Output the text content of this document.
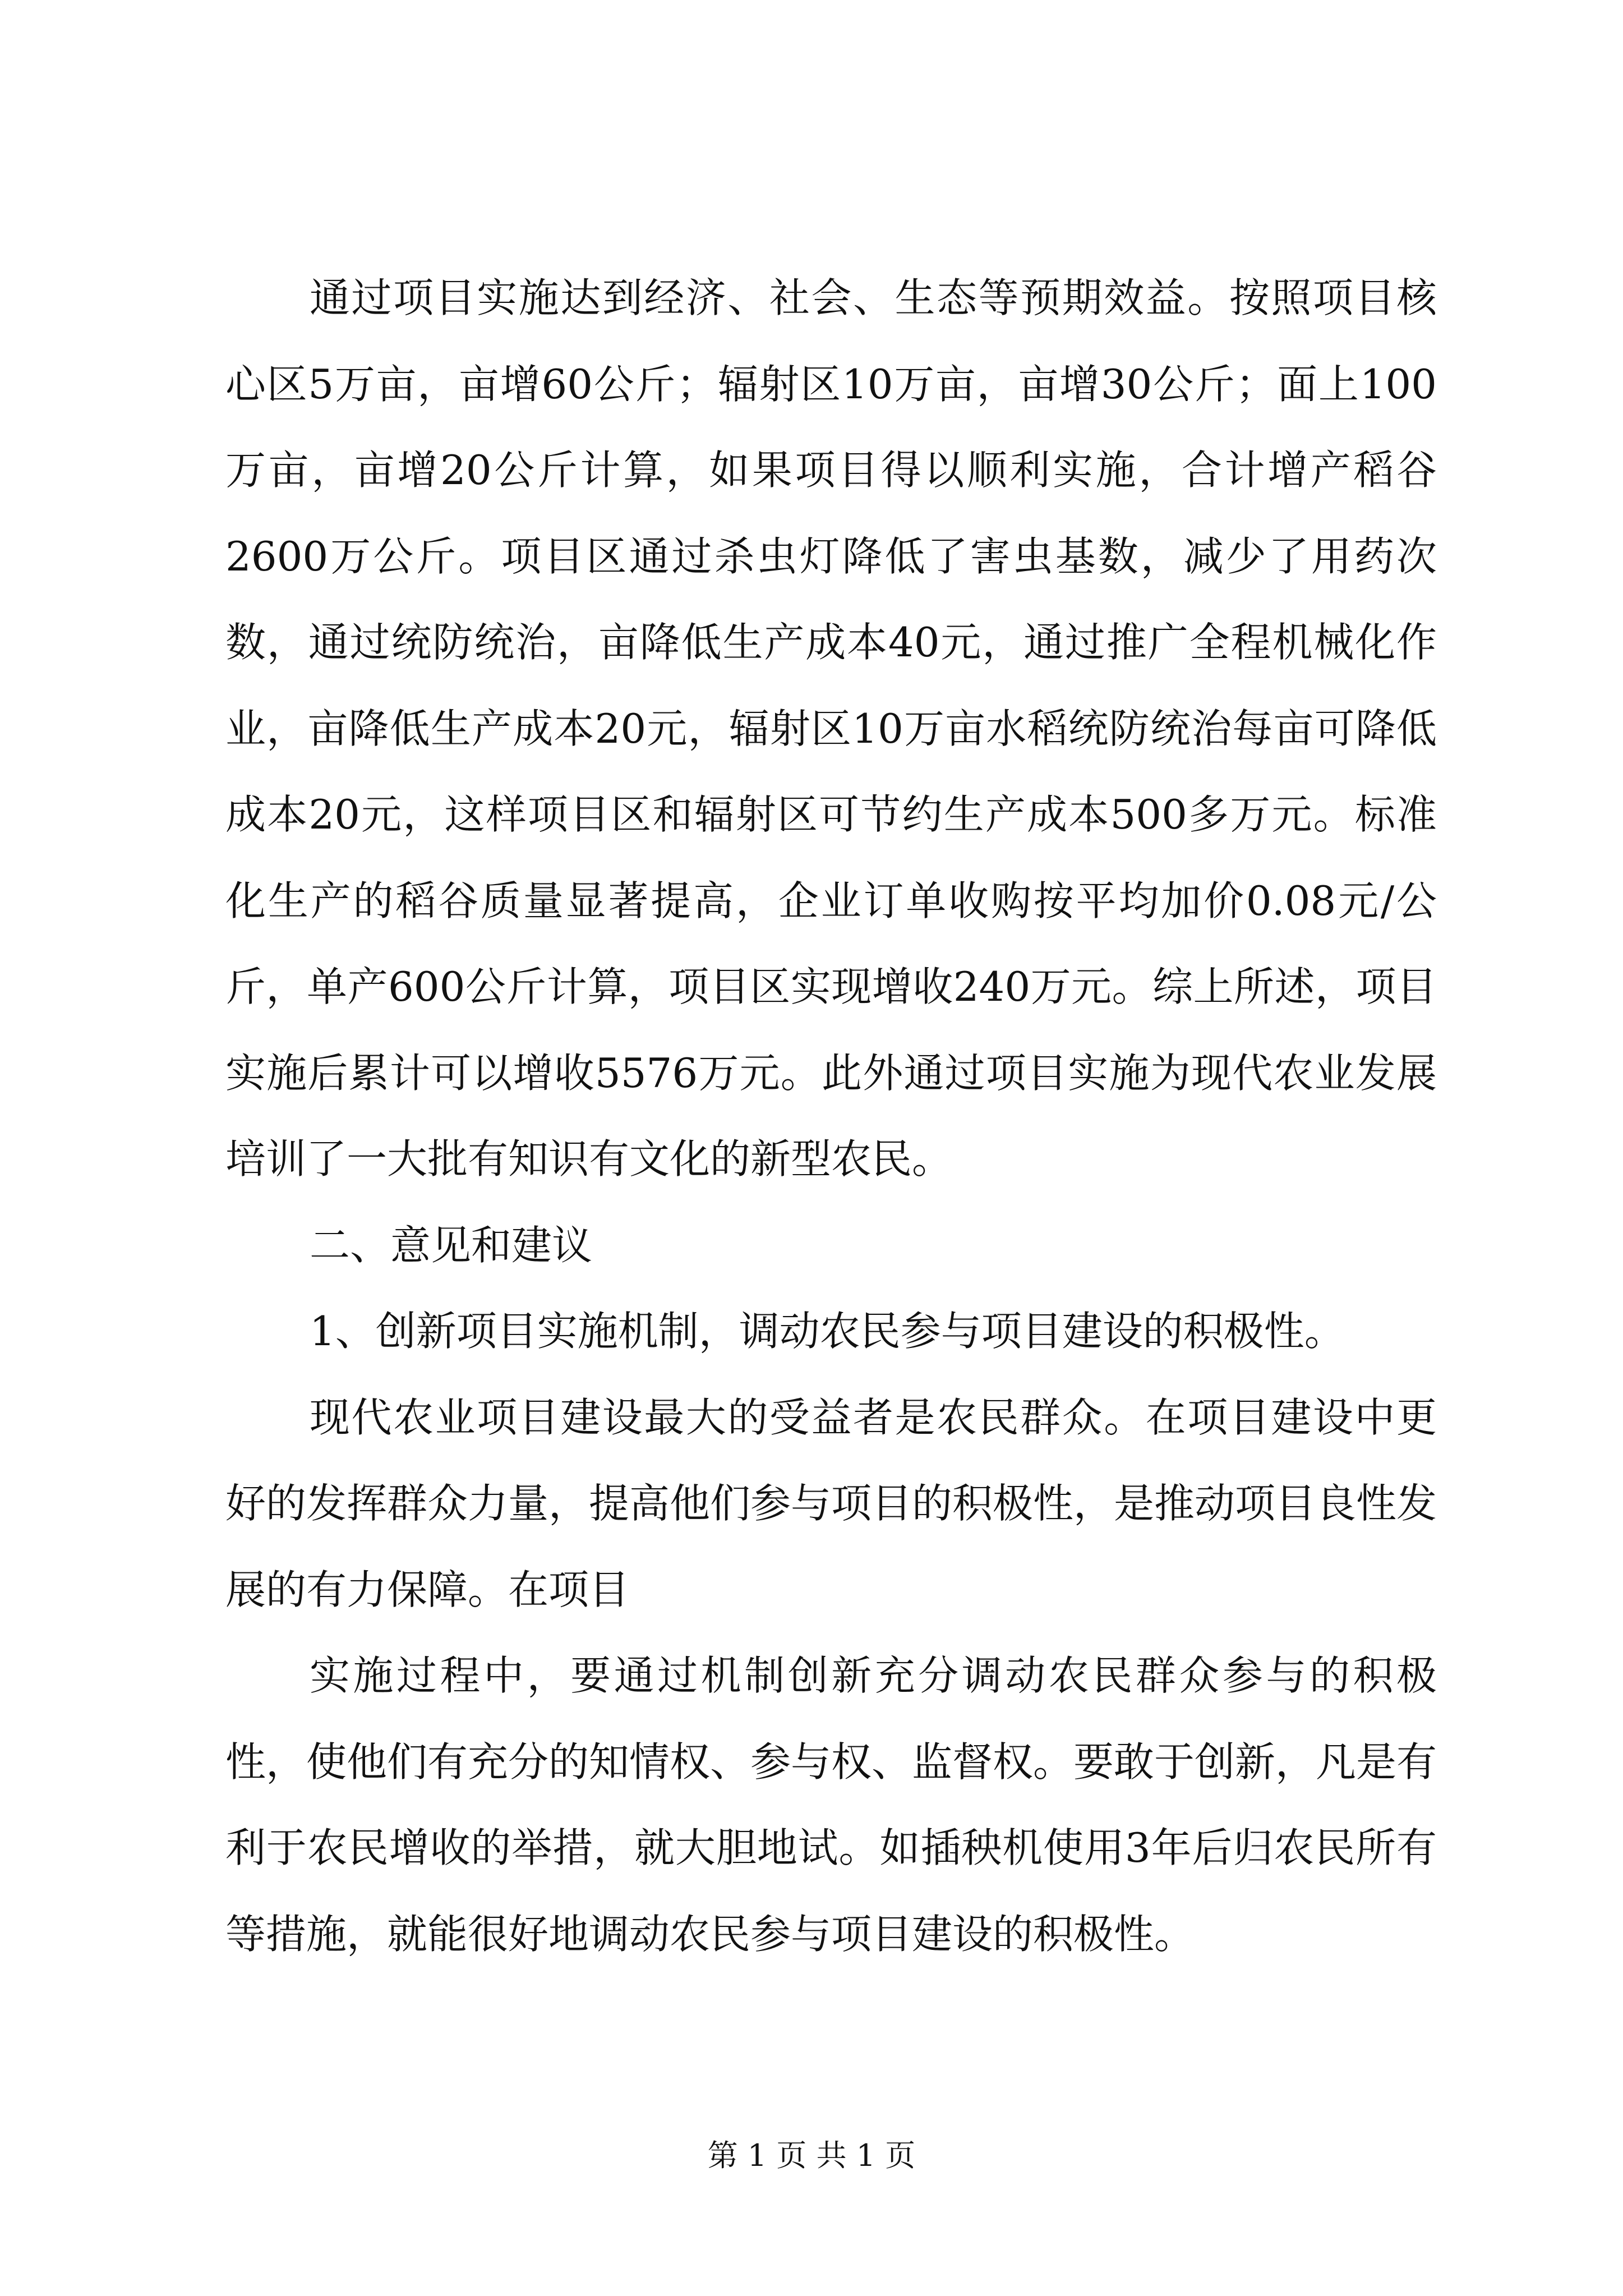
通过项目实施达到经济、社会、生态等预期效益。按照项目核心区5万亩，亩增60公斤；辐射区10万亩，亩增30公斤；面上100万亩，亩增20公斤计算，如果项目得以顺利实施，合计增产稻谷2600万公斤。项目区通过杀虫灯降低了害虫基数，减少了用药次数，通过统防统治，亩降低生产成本40元，通过推广全程机械化作业，亩降低生产成本20元，辐射区10万亩水稻统防统治每亩可降低成本20元，这样项目区和辐射区可节约生产成本500多万元。标准化生产的稻谷质量显著提高，企业订单收购按平均加价0.08元/公斤，单产600公斤计算，项目区实现增收240万元。综上所述，项目实施后累计可以增收5576万元。此外通过项目实施为现代农业发展培训了一大批有知识有文化的新型农民。

二、意见和建议

1、创新项目实施机制，调动农民参与项目建设的积极性。

现代农业项目建设最大的受益者是农民群众。在项目建设中更好的发挥群众力量，提高他们参与项目的积极性，是推动项目良性发展的有力保障。在项目

实施过程中，要通过机制创新充分调动农民群众参与的积极性，使他们有充分的知情权、参与权、监督权。要敢于创新，凡是有利于农民增收的举措，就大胆地试。如插秧机使用3年后归农民所有等措施，就能很好地调动农民参与项目建设的积极性。

第 1 页 共 1 页
